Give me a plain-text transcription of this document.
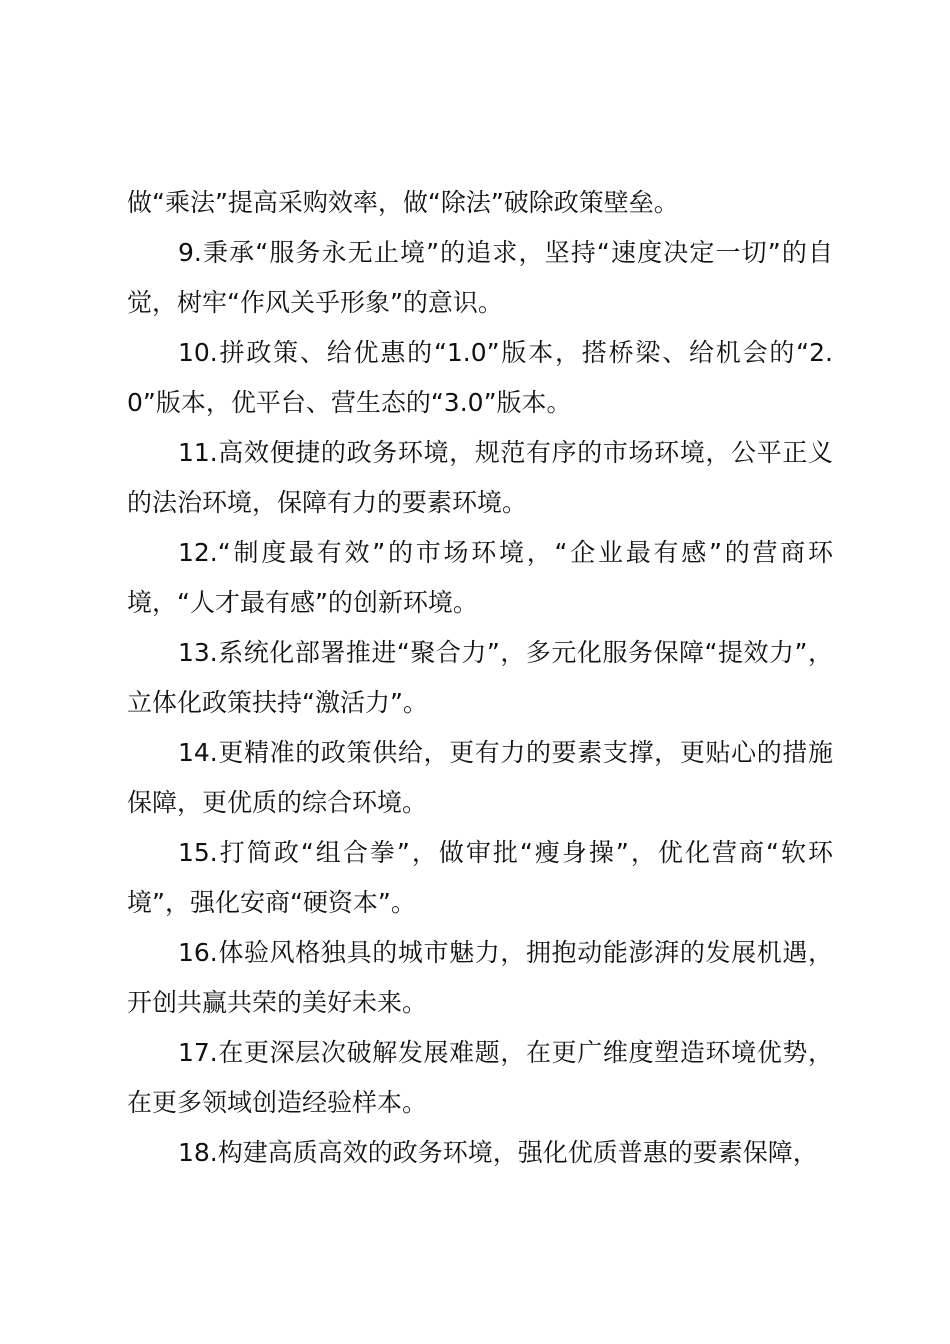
做“乘法”提高采购效率，做“除法”破除政策壁垒。

9.秉承“服务永无止境”的追求，坚持“速度决定一切”的自觉，树牢“作风关乎形象”的意识。

10.拼政策、给优惠的“1.0”版本，搭桥梁、给机会的“2.0”版本，优平台、营生态的“3.0”版本。

11.高效便捷的政务环境，规范有序的市场环境，公平正义的法治环境，保障有力的要素环境。

12.“制度最有效”的市场环境，“企业最有感”的营商环境，“人才最有感”的创新环境。

13.系统化部署推进“聚合力”，多元化服务保障“提效力”，立体化政策扶持“激活力”。

14.更精准的政策供给，更有力的要素支撑，更贴心的措施保障，更优质的综合环境。

15.打简政“组合拳”，做审批“瘦身操”，优化营商“软环境”，强化安商“硬资本”。

16.体验风格独具的城市魅力，拥抱动能澎湃的发展机遇，开创共赢共荣的美好未来。

17.在更深层次破解发展难题，在更广维度塑造环境优势，在更多领域创造经验样本。

18.构建高质高效的政务环境，强化优质普惠的要素保障，
